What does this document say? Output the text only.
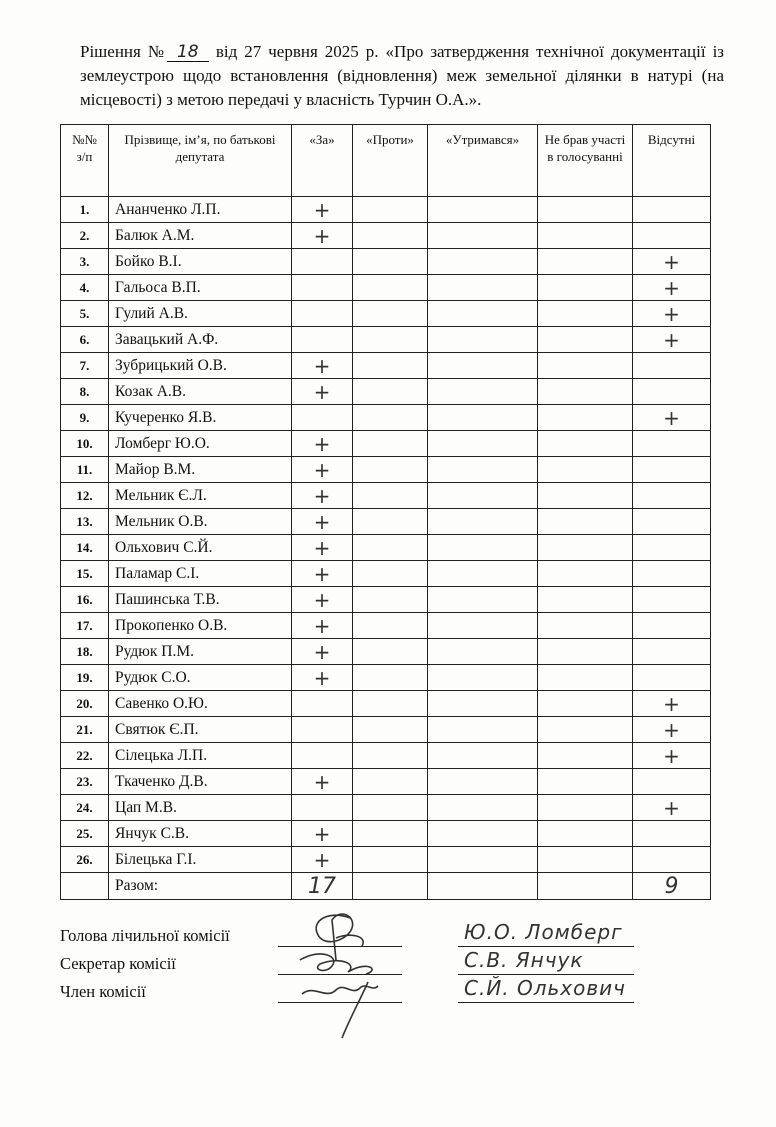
Рішення № 18 від 27 червня 2025 р. «Про затвердження технічної документації із землеустрою щодо встановлення (відновлення) меж земельної ділянки в натурі (на місцевості) з метою передачі у власність Турчин О.А.».
№№ з/п	Прізвище, ім’я, по батькові депутата	«За»	«Проти»	«Утримався»	Не брав участі в голосуванні	Відсутні
1.	Ананченко Л.П.	+				
2.	Балюк А.М.	+				
3.	Бойко В.І.					+
4.	Гальоса В.П.					+
5.	Гулий А.В.					+
6.	Завацький А.Ф.					+
7.	Зубрицький О.В.	+				
8.	Козак А.В.	+				
9.	Кучеренко Я.В.					+
10.	Ломберг Ю.О.	+				
11.	Майор В.М.	+				
12.	Мельник Є.Л.	+				
13.	Мельник О.В.	+				
14.	Ольхович С.Й.	+				
15.	Паламар С.І.	+				
16.	Пашинська Т.В.	+				
17.	Прокопенко О.В.	+				
18.	Рудюк П.М.	+				
19.	Рудюк С.О.	+				
20.	Савенко О.Ю.					+
21.	Святюк Є.П.					+
22.	Сілецька Л.П.					+
23.	Ткаченко Д.В.	+				
24.	Цап М.В.					+
25.	Янчук С.В.	+				
26.	Білецька Г.І.	+				
	Разом:	17				9
Голова лічильної комісії	Ю.О. Ломберг
Секретар комісії	С.В. Янчук
Член комісії	С.Й. Ольхович
